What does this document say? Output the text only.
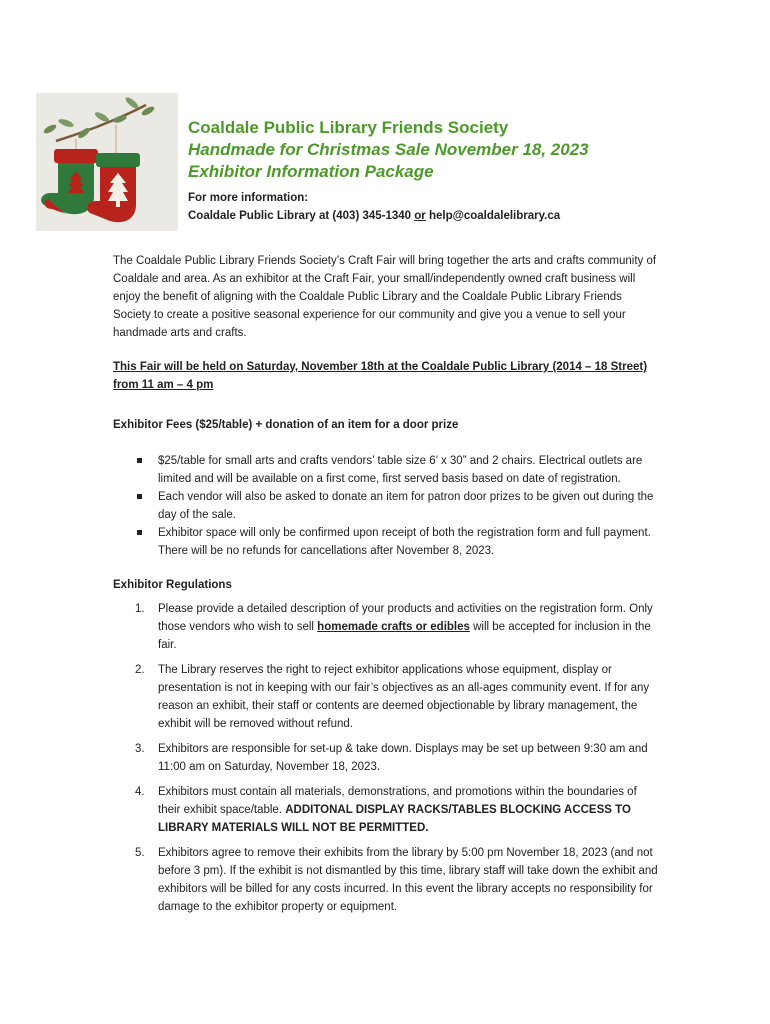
Coaldale Public Library Friends Society
Handmade for Christmas Sale November 18, 2023
Exhibitor Information Package
For more information:
Coaldale Public Library at (403) 345-1340 or help@coaldalelibrary.ca

The Coaldale Public Library Friends Society’s Craft Fair will bring together the arts and crafts community of Coaldale and area. As an exhibitor at the Craft Fair, your small/independently owned craft business will enjoy the benefit of aligning with the Coaldale Public Library and the Coaldale Public Library Friends Society to create a positive seasonal experience for our community and give you a venue to sell your handmade arts and crafts.

This Fair will be held on Saturday, November 18th at the Coaldale Public Library (2014 – 18 Street) from 11 am – 4 pm

Exhibitor Fees ($25/table) + donation of an item for a door prize

$25/table for small arts and crafts vendors’ table size 6’ x 30” and 2 chairs. Electrical outlets are limited and will be available on a first come, first served basis based on date of registration.
Each vendor will also be asked to donate an item for patron door prizes to be given out during the day of the sale.
Exhibitor space will only be confirmed upon receipt of both the registration form and full payment. There will be no refunds for cancellations after November 8, 2023.

Exhibitor Regulations

1. Please provide a detailed description of your products and activities on the registration form. Only those vendors who wish to sell homemade crafts or edibles will be accepted for inclusion in the fair.
2. The Library reserves the right to reject exhibitor applications whose equipment, display or presentation is not in keeping with our fair’s objectives as an all-ages community event. If for any reason an exhibit, their staff or contents are deemed objectionable by library management, the exhibit will be removed without refund.
3. Exhibitors are responsible for set-up & take down. Displays may be set up between 9:30 am and 11:00 am on Saturday, November 18, 2023.
4. Exhibitors must contain all materials, demonstrations, and promotions within the boundaries of their exhibit space/table. ADDITONAL DISPLAY RACKS/TABLES BLOCKING ACCESS TO LIBRARY MATERIALS WILL NOT BE PERMITTED.
5. Exhibitors agree to remove their exhibits from the library by 5:00 pm November 18, 2023 (and not before 3 pm). If the exhibit is not dismantled by this time, library staff will take down the exhibit and exhibitors will be billed for any costs incurred. In this event the library accepts no responsibility for damage to the exhibitor property or equipment.
